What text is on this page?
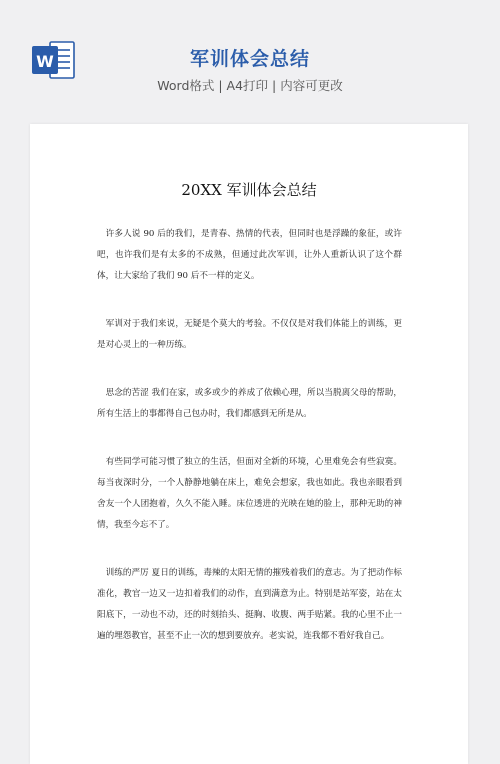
W	军训体会总结
Word格式 | A4打印 | 内容可更改
20XX 军训体会总结

许多人说 90 后的我们，是青春、热情的代表，但同时也是浮躁的象征，或许吧，也许我们是有太多的不成熟，但通过此次军训，让外人重新认识了这个群体，让大家给了我们 90 后不一样的定义。

军训对于我们来说，无疑是个莫大的考验。不仅仅是对我们体能上的训练，更是对心灵上的一种历练。

思念的苦涩 我们在家，或多或少的养成了依赖心理，所以当脱离父母的帮助，所有生活上的事都得自己包办时，我们都感到无所是从。

有些同学可能习惯了独立的生活，但面对全新的环境，心里难免会有些寂寞。每当夜深时分，一个人静静地躺在床上，难免会想家，我也如此。我也亲眼看到舍友一个人团抱着，久久不能入睡。床位透进的光映在她的脸上，那种无助的神情，我至今忘不了。

训练的严厉 夏日的训练，毒辣的太阳无情的摧残着我们的意志。为了把动作标准化，教官一边又一边扣着我们的动作，直到满意为止。特别是站军姿，站在太阳底下，一动也不动，还的时刻抬头、挺胸、收腹、两手贴紧。我的心里不止一遍的埋怨教官，甚至不止一次的想到要放弃。老实说，连我都不看好我自己。
